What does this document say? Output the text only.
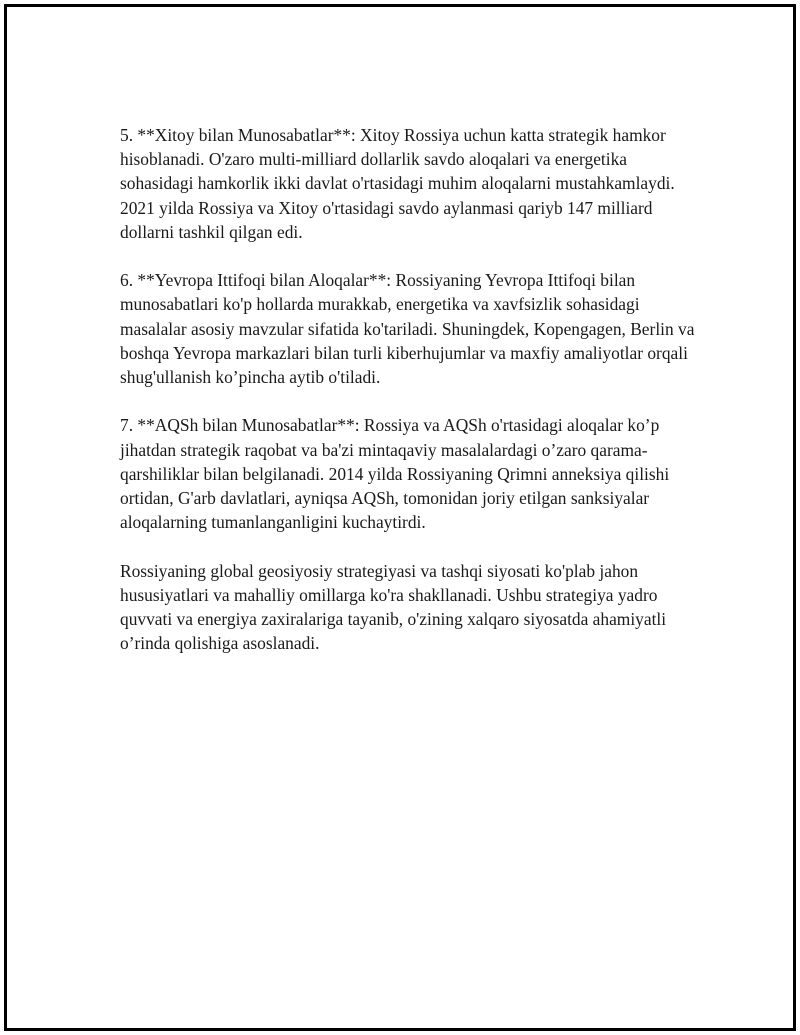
5. **Xitoy bilan Munosabatlar**: Xitoy Rossiya uchun katta strategik hamkor hisoblanadi. O'zaro multi-milliard dollarlik savdo aloqalari va energetika sohasidagi hamkorlik ikki davlat o'rtasidagi muhim aloqalarni mustahkamlaydi. 2021 yilda Rossiya va Xitoy o'rtasidagi savdo aylanmasi qariyb 147 milliard dollarni tashkil qilgan edi.

6. **Yevropa Ittifoqi bilan Aloqalar**: Rossiyaning Yevropa Ittifoqi bilan munosabatlari ko'p hollarda murakkab, energetika va xavfsizlik sohasidagi masalalar asosiy mavzular sifatida ko'tariladi. Shuningdek, Kopengagen, Berlin va boshqa Yevropa markazlari bilan turli kiberhujumlar va maxfiy amaliyotlar orqali shug'ullanish ko’pincha aytib o'tiladi.

7. **AQSh bilan Munosabatlar**: Rossiya va AQSh o'rtasidagi aloqalar ko’p jihatdan strategik raqobat va ba'zi mintaqaviy masalalardagi o’zaro qarama-qarshiliklar bilan belgilanadi. 2014 yilda Rossiyaning Qrimni anneksiya qilishi ortidan, G'arb davlatlari, ayniqsa AQSh, tomonidan joriy etilgan sanksiyalar aloqalarning tumanlanganligini kuchaytirdi.

Rossiyaning global geosiyosiy strategiyasi va tashqi siyosati ko'plab jahon hususiyatlari va mahalliy omillarga ko'ra shakllanadi. Ushbu strategiya yadro quvvati va energiya zaxiralariga tayanib, o'zining xalqaro siyosatda ahamiyatli o’rinda qolishiga asoslanadi.
